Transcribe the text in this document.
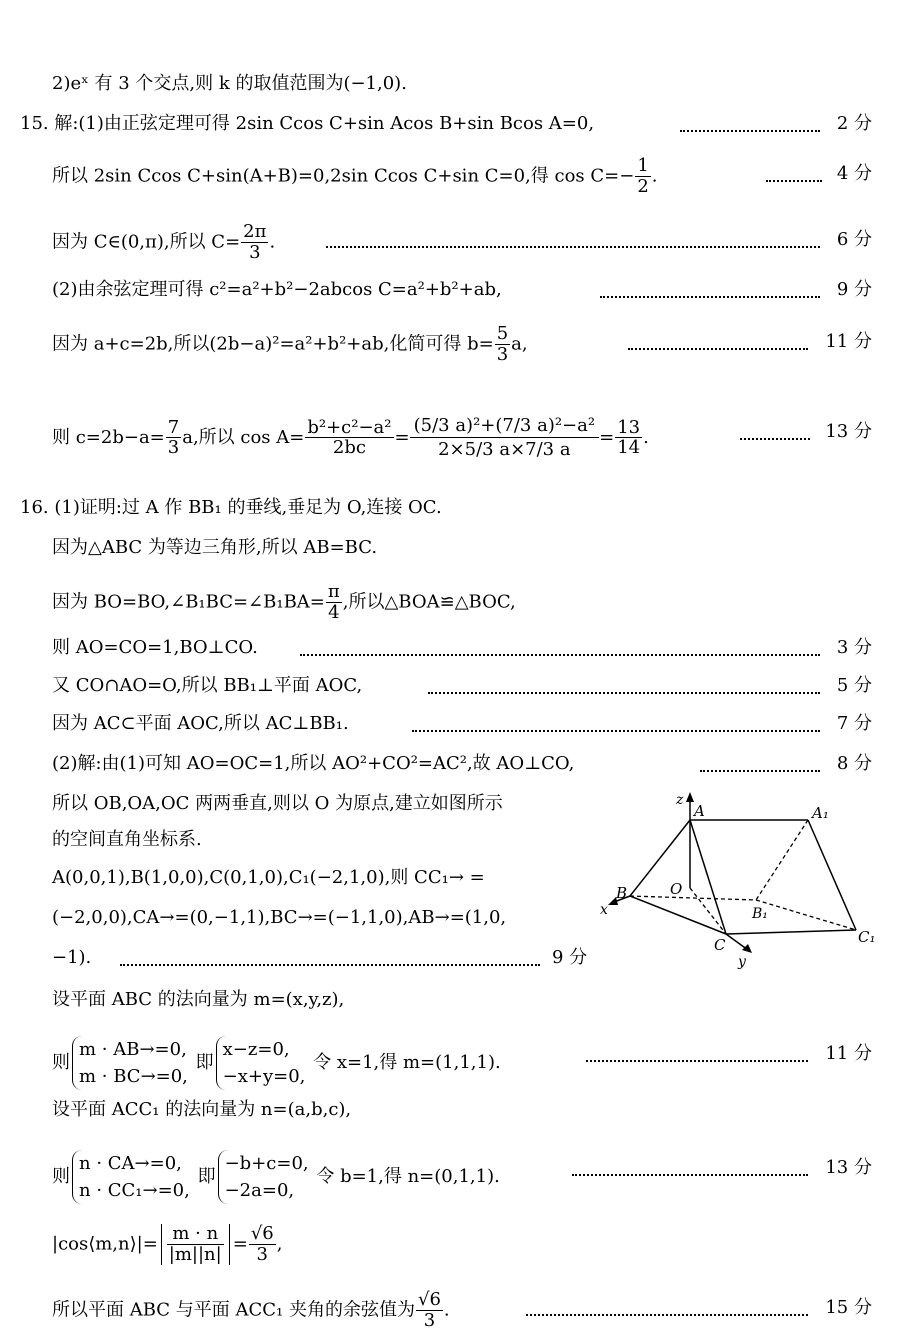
2)eˣ 有 3 个交点,则 k 的取值范围为(−1,0).
15. 解:(1)由正弦定理可得 2sin Ccos C+sin Acos B+sin Bcos A=0,	2 分
所以 2sin Ccos C+sin(A+B)=0,2sin Ccos C+sin C=0,得 $\cos C=- \frac{1}{2}$ .	4 分
因为 C∈(0,π),所以 $C= \frac{2\pi}{3}$ .	6 分
(2)由余弦定理可得 c²=a²+b²−2abcos C=a²+b²+ab,	9 分
因为 a+c=2b,所以(2b−a)²=a²+b²+ab,化简可得 $b= \frac{5}{3} a$,	11 分
则 $c=2b-a= \frac{7}{3} a$,所以 $\cos A= \frac{\text{b²+c²−a²}}{2bc} = \frac{\text{(5/3 a)²+(7/3 a)²−a²}}{2\times 5/3 a\times 7/3 a} = \frac{13}{14}$ .	13 分
16. (1)证明:过 A 作 BB₁ 的垂线,垂足为 O,连接 OC.
因为△ABC 为等边三角形,所以 AB=BC.
因为 BO=BO,∠B₁BC=∠B₁BA= $\frac{\pi}{4}$ ,所以△BOA≌△BOC,
则 AO=CO=1,BO⊥CO.	3 分
又 CO∩AO=O,所以 BB₁⊥平面 AOC,	5 分
因为 AC⊂平面 AOC,所以 AC⊥BB₁.	7 分
(2)解:由(1)可知 AO=OC=1,所以 AO²+CO²=AC²,故 AO⊥CO,	8 分
所以 OB,OA,OC 两两垂直,则以 O 为原点,建立如图所示
的空间直角坐标系.
A(0,0,1),B(1,0,0),C(0,1,0),C₁(−2,1,0),则 CC₁→ =
(−2,0,0),CA→=(0,−1,1),BC→=(−1,1,0),AB→=(1,0,
−1).	9 分
设平面 ABC 的法向量为 m=(x,y,z),
则
m · AB→=0,
m · BC→=0,
即
x−z=0,
−x+y=0,
令 x=1,得 m=(1,1,1).	11 分
设平面 ACC₁ 的法向量为 n=(a,b,c),
则
n · CA→=0,
n · CC₁→=0,
即
−b+c=0,
−2a=0,
令 b=1,得 n=(0,1,1).	13 分
|cos⟨m,n⟩|= $\frac{m \cdot n}{|m||n|} = \frac{√6}{3}$ ,
所以平面 ABC 与平面 ACC₁ 夹角的余弦值为 $\frac{√6}{3}$ .	15 分
z
A	A₁
B	O
x	B₁
C	C₁
y
